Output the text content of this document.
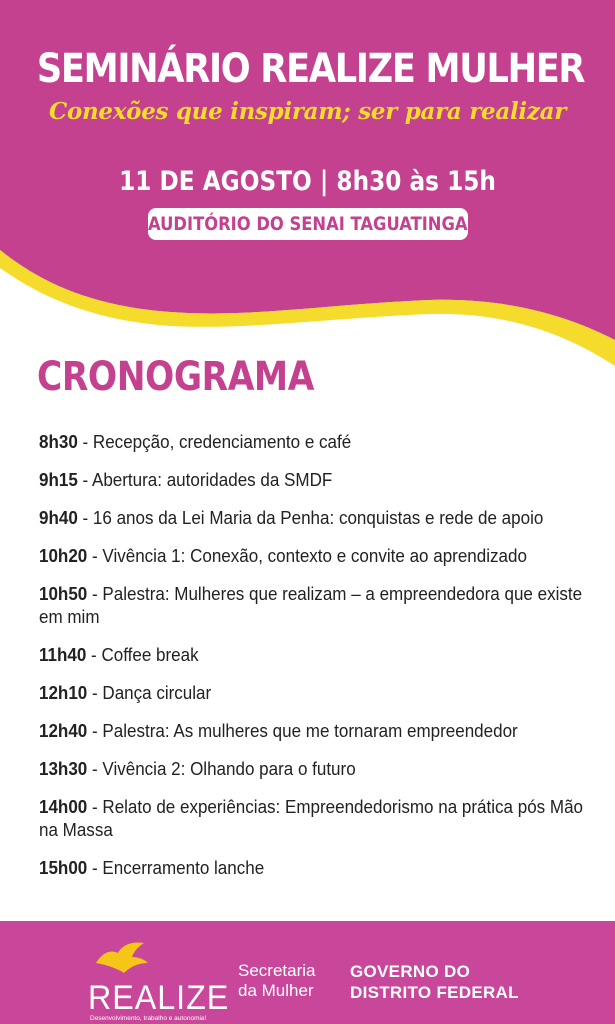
SEMINÁRIO REALIZE MULHER
Conexões que inspiram; ser para realizar
11 DE AGOSTO | 8h30 às 15h
AUDITÓRIO DO SENAI TAGUATINGA
CRONOGRAMA
8h30 - Recepção, credenciamento e café
9h15 - Abertura: autoridades da SMDF
9h40 - 16 anos da Lei Maria da Penha: conquistas e rede de apoio
10h20 - Vivência 1: Conexão, contexto e convite ao aprendizado
10h50 - Palestra: Mulheres que realizam – a empreendedora que existe em mim
11h40 - Coffee break
12h10 - Dança circular
12h40 - Palestra: As mulheres que me tornaram empreendedor
13h30 - Vivência 2: Olhando para o futuro
14h00 - Relato de experiências: Empreendedorismo na prática pós Mão na Massa
15h00 - Encerramento lanche
REALIZE
Desenvolvimento, trabalho e autonomia!
Secretaria
da Mulher
GOVERNO DO
DISTRITO FEDERAL
